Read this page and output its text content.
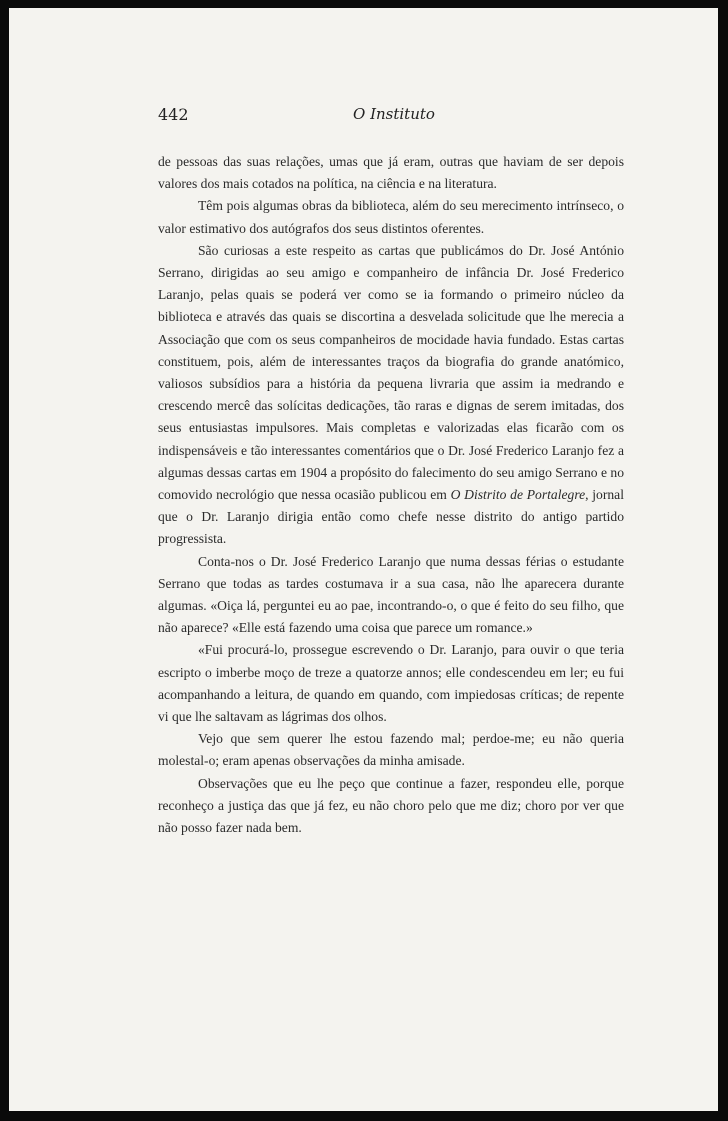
442	O Instituto

de pessoas das suas relações, umas que já eram, outras que haviam de ser depois valores dos mais cotados na política, na ciência e na literatura.

Têm pois algumas obras da biblioteca, além do seu merecimento intrínseco, o valor estimativo dos autógrafos dos seus distintos oferentes.

São curiosas a este respeito as cartas que publicámos do Dr. José António Serrano, dirigidas ao seu amigo e companheiro de infância Dr. José Frederico Laranjo, pelas quais se poderá ver como se ia formando o primeiro núcleo da biblioteca e através das quais se discortina a desvelada solicitude que lhe merecia a Associação que com os seus companheiros de mocidade havia fundado. Estas cartas constituem, pois, além de interessantes traços da biografia do grande anatómico, valiosos subsídios para a história da pequena livraria que assim ia medrando e crescendo mercê das solícitas dedicações, tão raras e dignas de serem imitadas, dos seus entusiastas impulsores. Mais completas e valorizadas elas ficarão com os indispensáveis e tão interessantes comentários que o Dr. José Frederico Laranjo fez a algumas dessas cartas em 1904 a propósito do falecimento do seu amigo Serrano e no comovido necrológio que nessa ocasião publicou em O Distrito de Portalegre, jornal que o Dr. Laranjo dirigia então como chefe nesse distrito do antigo partido progressista.

Conta-nos o Dr. José Frederico Laranjo que numa dessas férias o estudante Serrano que todas as tardes costumava ir a sua casa, não lhe aparecera durante algumas. «Oiça lá, perguntei eu ao pae, incontrando-o, o que é feito do seu filho, que não aparece? «Elle está fazendo uma coisa que parece um romance.»

«Fui procurá-lo, prossegue escrevendo o Dr. Laranjo, para ouvir o que teria escripto o imberbe moço de treze a quatorze annos; elle condescendeu em ler; eu fui acompanhando a leitura, de quando em quando, com impiedosas críticas; de repente vi que lhe saltavam as lágrimas dos olhos.

Vejo que sem querer lhe estou fazendo mal; perdoe-me; eu não queria molestal-o; eram apenas observações da minha amisade.

Observações que eu lhe peço que continue a fazer, respondeu elle, porque reconheço a justiça das que já fez, eu não choro pelo que me diz; choro por ver que não posso fazer nada bem.
